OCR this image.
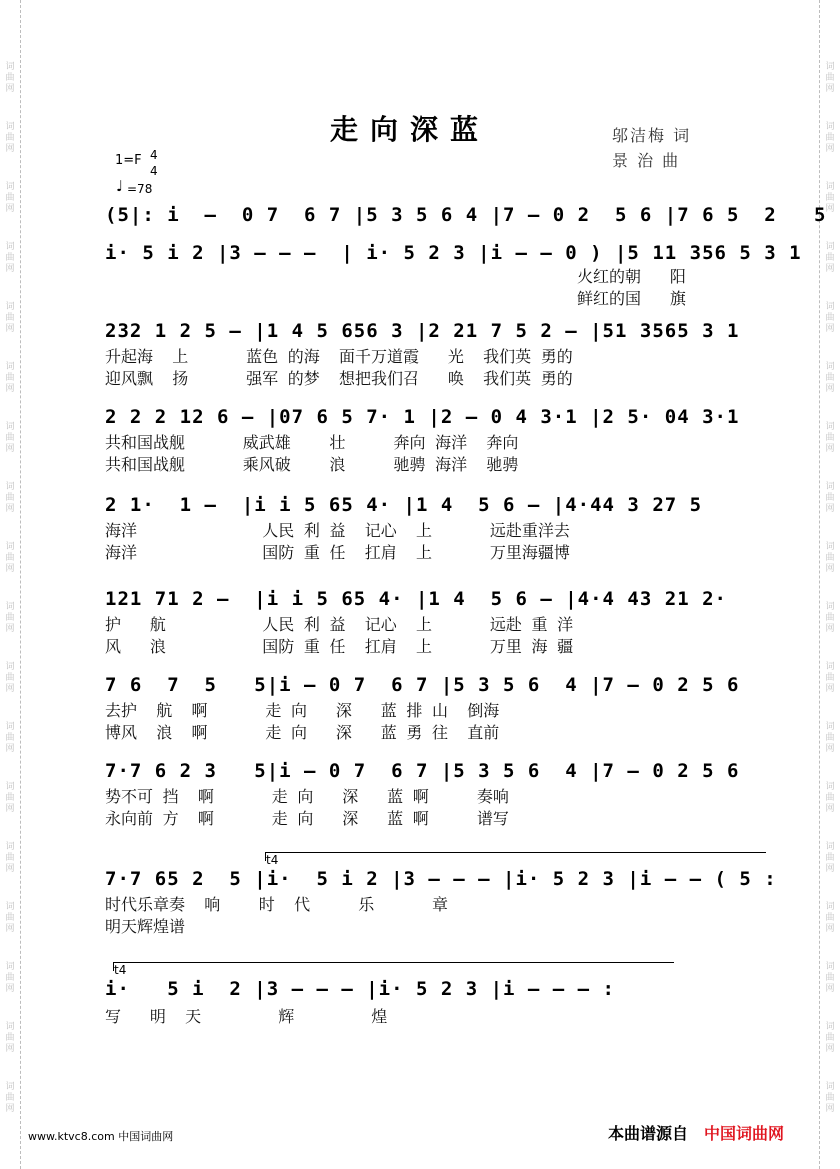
词曲网
词曲网
词曲网
词曲网
词曲网
词曲网
词曲网
词曲网
词曲网
词曲网
词曲网
词曲网
词曲网
词曲网
词曲网
词曲网
词曲网
词曲网
词曲网
词曲网
词曲网
词曲网
词曲网
词曲网
词曲网
词曲网
词曲网
词曲网
词曲网
词曲网
词曲网
词曲网
词曲网
词曲网
词曲网
词曲网
走向深蓝	邬洁梅 词
景 治 曲
1=F 4
4
♩ =78
(5|: i  –  0 7  6 7 |5 3 5 6 4 |7 – 0 2  5 6 |7 6 5  2   5
i· 5 i 2 |3 – – –  | i· 5 2 3 |i – – 0 ) |5 11 356 5 3 1
火红的朝   阳
鲜红的国   旗
232 1 2 5 – |1 4 5 656 3 |2 21 7 5 2 – |51 3565 3 1
升起海  上      蓝色 的海  面千万道霞   光  我们英 勇的
迎风飘  扬      强军 的梦  想把我们召   唤  我们英 勇的
2 2 2 12 6 – |07 6 5 7· 1 |2 – 0 4 3·1 |2 5· 04 3·1
共和国战舰      威武雄    壮     奔向 海洋  奔向
共和国战舰      乘风破    浪     驰骋 海洋  驰骋
2 1·  1 –  |i i 5 65 4· |1 4  5 6 – |4·44 3 27 5
海洋             人民 利 益  记心  上      远赴重洋去
海洋             国防 重 任  扛肩  上      万里海疆博
121 71 2 –  |i i 5 65 4· |1 4  5 6 – |4·4 43 21 2·
护   航          人民 利 益  记心  上      远赴 重 洋
风   浪          国防 重 任  扛肩  上      万里 海 疆
7 6  7  5   5|i – 0 7  6 7 |5 3 5 6  4 |7 – 0 2 5 6
去护  航  啊      走 向   深   蓝 排 山  倒海
博风  浪  啊      走 向   深   蓝 勇 往  直前
7·7 6 2 3   5|i – 0 7  6 7 |5 3 5 6  4 |7 – 0 2 5 6
势不可 挡  啊      走 向   深   蓝 啊     奏响
永向前 方  啊      走 向   深   蓝 啊     谱写
t4
7·7 65 2  5 |i·  5 i 2 |3 – – – |i· 5 2 3 |i – – ( 5 :
时代乐章奏  响    时  代     乐      章
明天辉煌谱
t4
i·   5 i  2 |3 – – – |i· 5 2 3 |i – – – :
写   明  天        辉        煌
www.ktvc8.com 中国词曲网	本曲谱源自 中国词曲网
